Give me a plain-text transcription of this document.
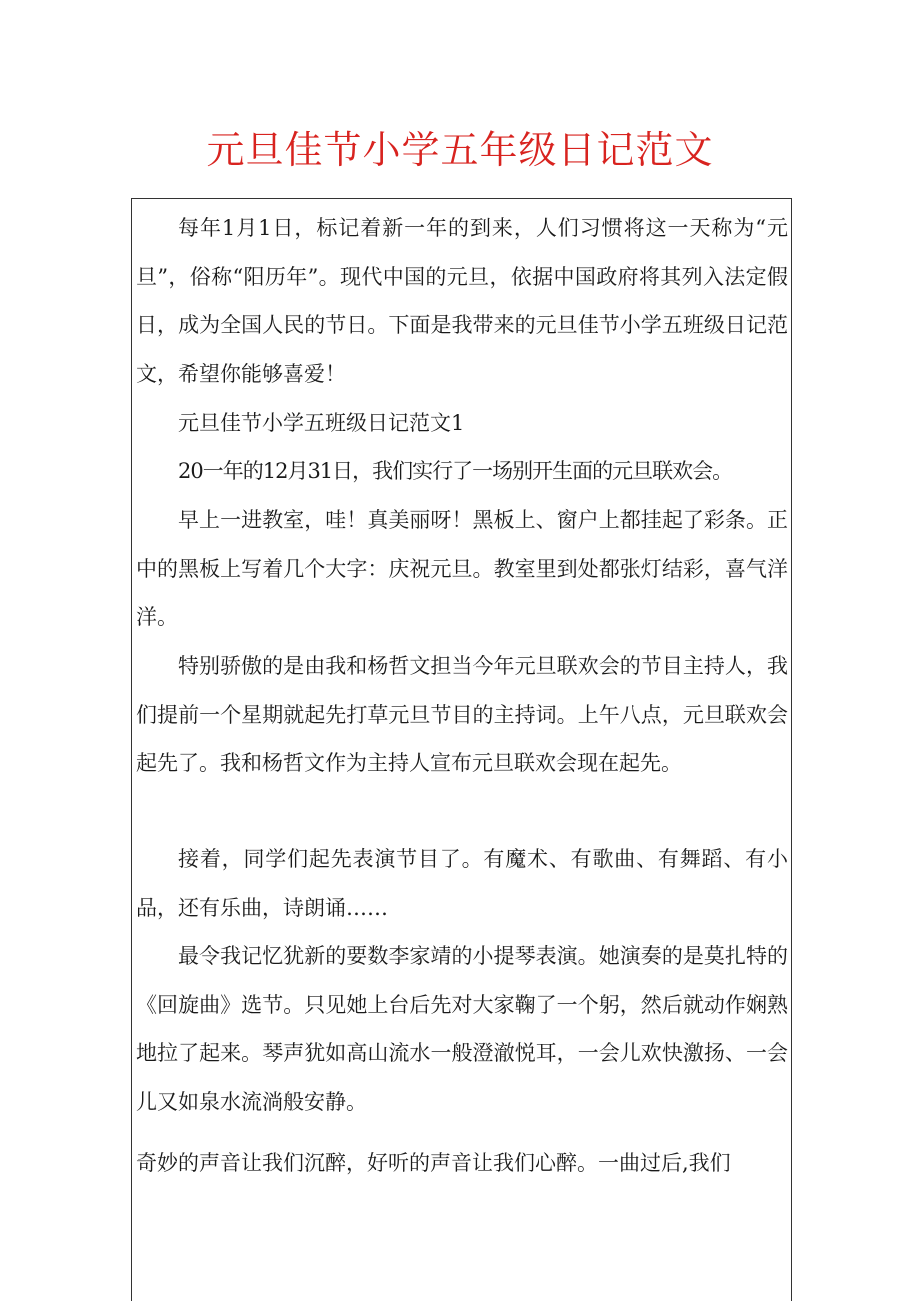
元旦佳节小学五年级日记范文

每年1月1日，标记着新一年的到来，人们习惯将这一天称为“元旦”，俗称“阳历年”。现代中国的元旦，依据中国政府将其列入法定假日，成为全国人民的节日。下面是我带来的元旦佳节小学五班级日记范文，希望你能够喜爱！

元旦佳节小学五班级日记范文1

20一年的12月31日，我们实行了一场别开生面的元旦联欢会。

早上一进教室，哇！真美丽呀！黑板上、窗户上都挂起了彩条。正中的黑板上写着几个大字：庆祝元旦。教室里到处都张灯结彩，喜气洋洋。

特别骄傲的是由我和杨哲文担当今年元旦联欢会的节目主持人，我们提前一个星期就起先打草元旦节目的主持词。上午八点，元旦联欢会起先了。我和杨哲文作为主持人宣布元旦联欢会现在起先。

接着，同学们起先表演节目了。有魔术、有歌曲、有舞蹈、有小品，还有乐曲，诗朗诵……

最令我记忆犹新的要数李家靖的小提琴表演。她演奏的是莫扎特的《回旋曲》选节。只见她上台后先对大家鞠了一个躬，然后就动作娴熟地拉了起来。琴声犹如高山流水一般澄澈悦耳，一会儿欢快激扬、一会儿又如泉水流淌般安静。

奇妙的声音让我们沉醉，好听的声音让我们心醉。一曲过后,我们
